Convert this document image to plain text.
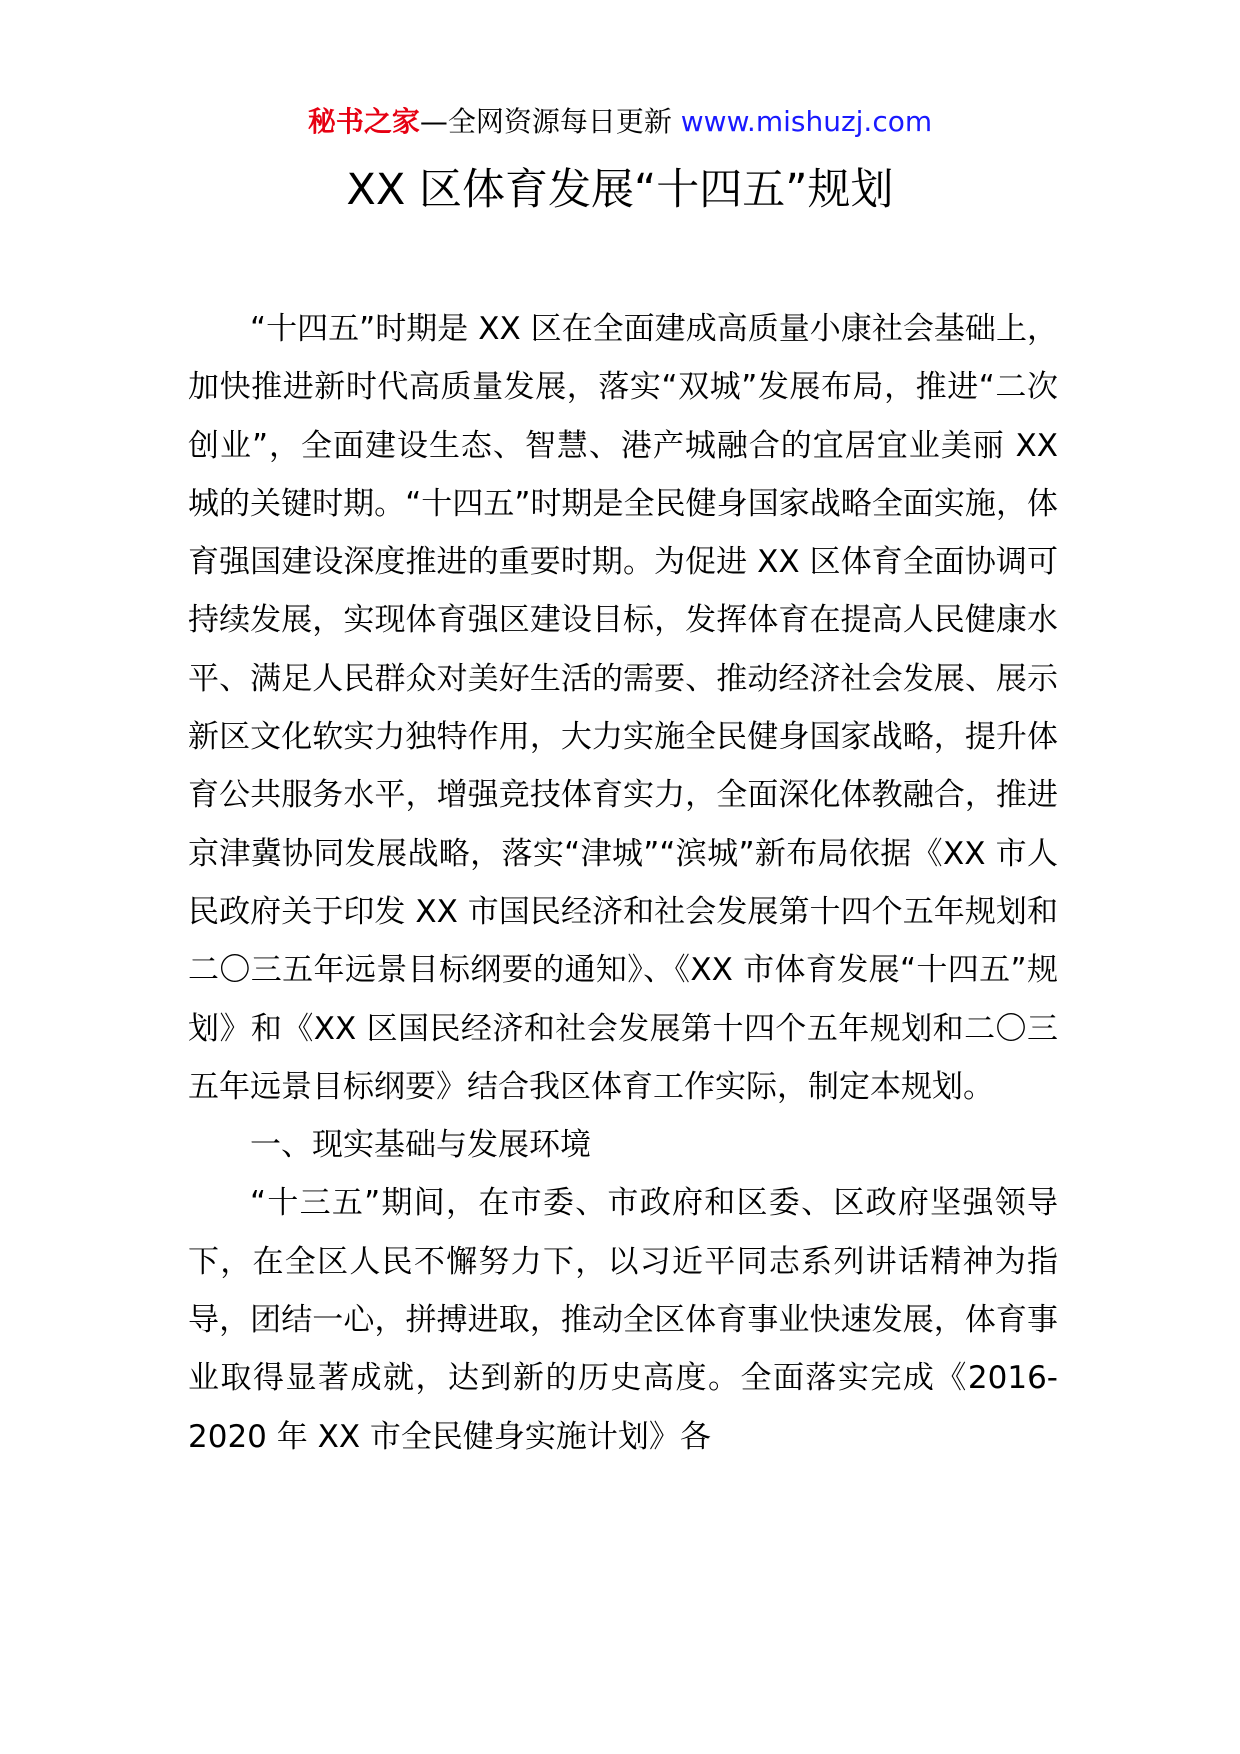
秘书之家—全网资源每日更新 www.mishuzj.com
XX 区体育发展“十四五”规划

“十四五”时期是 XX 区在全面建成高质量小康社会基础上，加快推进新时代高质量发展，落实“双城”发展布局，推进“二次创业”，全面建设生态、智慧、港产城融合的宜居宜业美丽 XX 城的关键时期。“十四五”时期是全民健身国家战略全面实施，体育强国建设深度推进的重要时期。为促进 XX 区体育全面协调可持续发展，实现体育强区建设目标，发挥体育在提高人民健康水平、满足人民群众对美好生活的需要、推动经济社会发展、展示新区文化软实力独特作用，大力实施全民健身国家战略，提升体育公共服务水平，增强竞技体育实力，全面深化体教融合，推进京津冀协同发展战略，落实“津城”“滨城”新布局依据《XX 市人民政府关于印发 XX 市国民经济和社会发展第十四个五年规划和二〇三五年远景目标纲要的通知》、《XX 市体育发展“十四五”规划》和《XX 区国民经济和社会发展第十四个五年规划和二〇三五年远景目标纲要》结合我区体育工作实际，制定本规划。

一、现实基础与发展环境

“十三五”期间，在市委、市政府和区委、区政府坚强领导下，在全区人民不懈努力下，以习近平同志系列讲话精神为指导，团结一心，拼搏进取，推动全区体育事业快速发展，体育事业取得显著成就，达到新的历史高度。全面落实完成《2016-2020 年 XX 市全民健身实施计划》各
